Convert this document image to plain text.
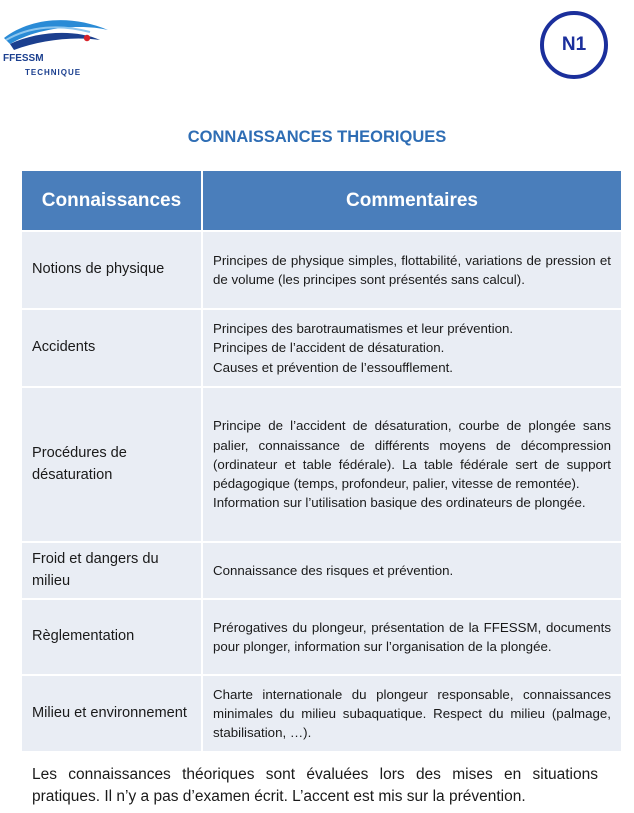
FFESSM
TECHNIQUE
N1
CONNAISSANCES THEORIQUES
Connaissances	Commentaires
Notions de physique	Principes de physique simples, flottabilité, variations de pression et de volume (les principes sont présentés sans calcul).

Accidents	Principes des barotraumatismes et leur prévention.
Principes de l’accident de désaturation.
Causes et prévention de l’essoufflement.

Procédures de désaturation	Principe de l’accident de désaturation, courbe de plongée sans palier, connaissance de différents moyens de décompression (ordinateur et table fédérale). La table fédérale sert de support pédagogique (temps, profondeur, palier, vitesse de remontée).
Information sur l’utilisation basique des ordinateurs de plongée.

Froid et dangers du milieu	Connaissance des risques et prévention.

Règlementation	Prérogatives du plongeur, présentation de la FFESSM, documents pour plonger, information sur l’organisation de la plongée.

Milieu et environnement	Charte internationale du plongeur responsable, connaissances minimales du milieu subaquatique. Respect du milieu (palmage, stabilisation, …).
Les connaissances théoriques sont évaluées lors des mises en situations pratiques. Il n’y a pas d’examen écrit. L’accent est mis sur la prévention.
